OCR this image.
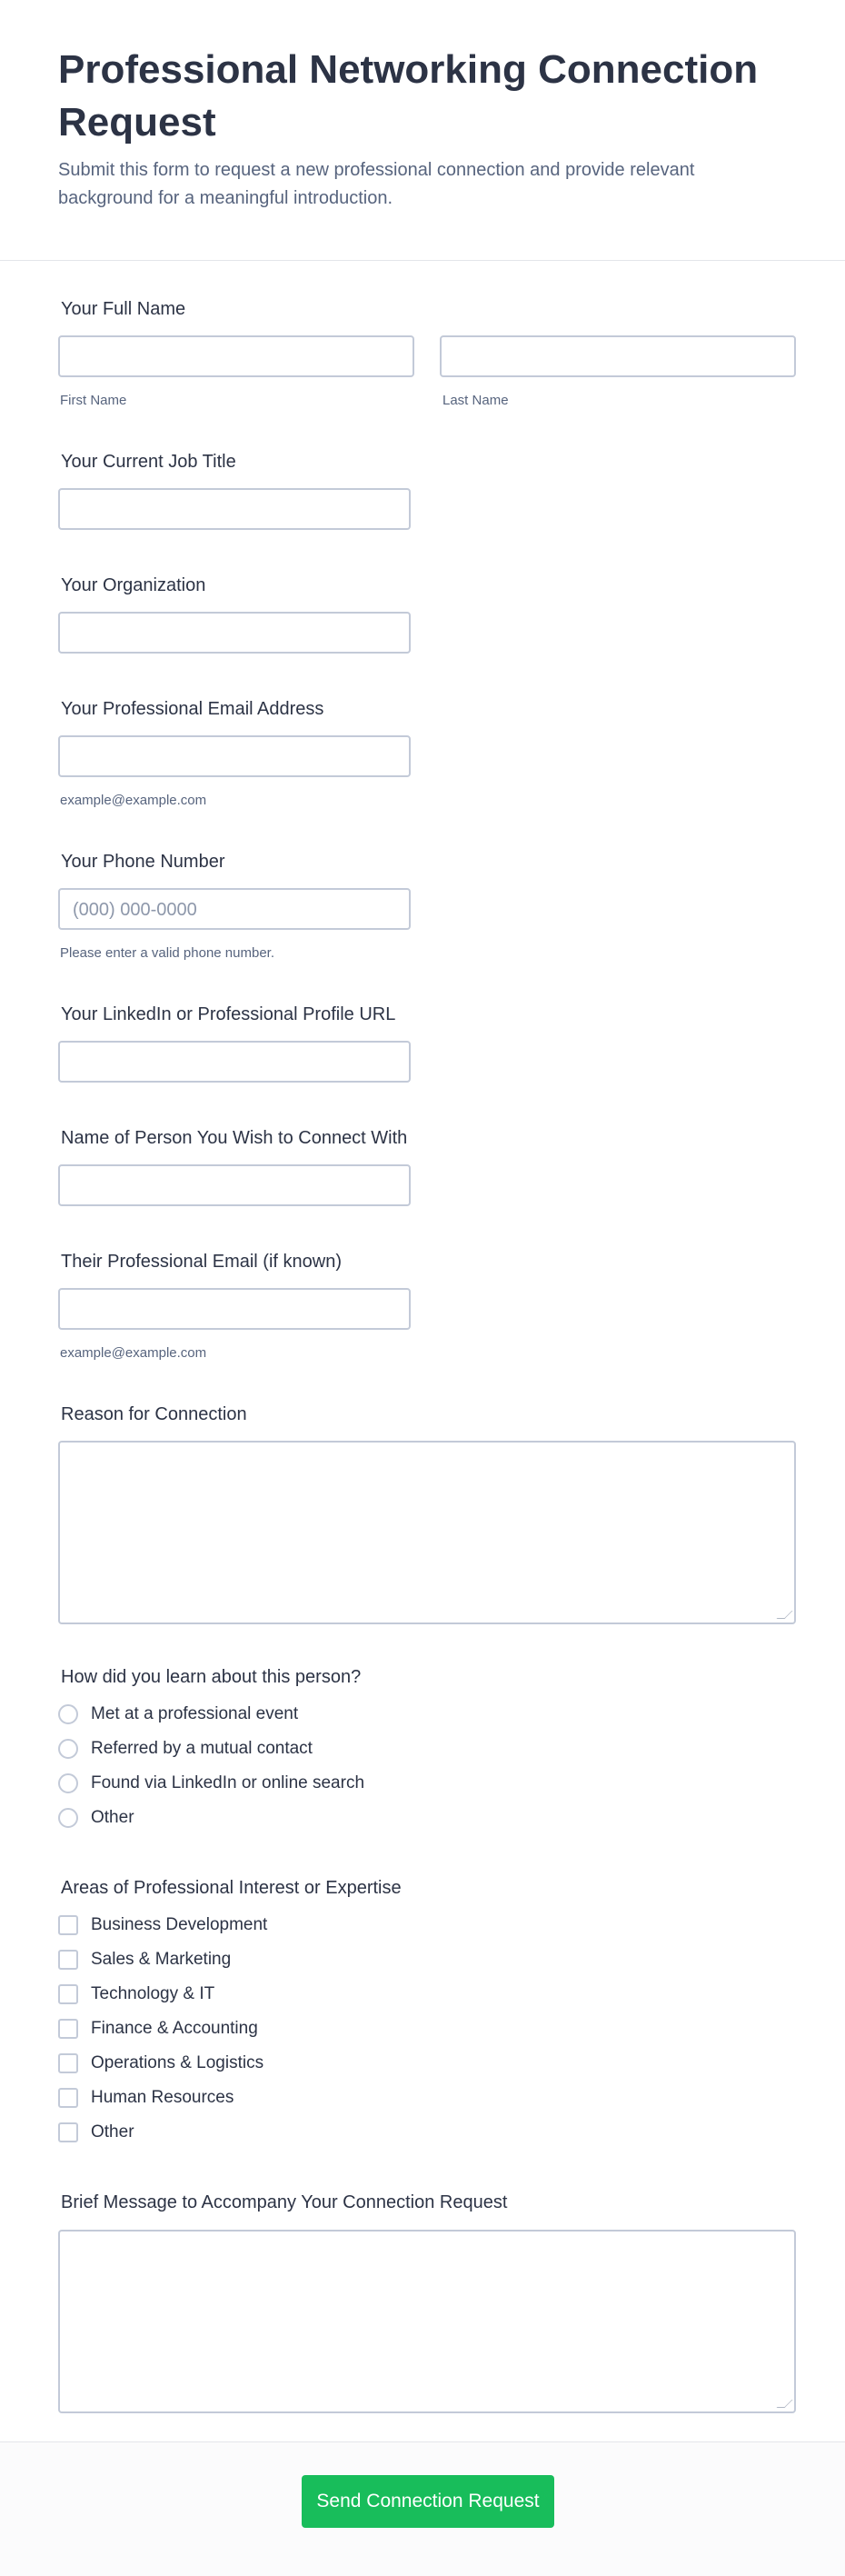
Professional Networking Connection Request
Submit this form to request a new professional connection and provide relevant background for a meaningful introduction.
Your Full Name
First Name	Last Name
Your Current Job Title
Your Organization
Your Professional Email Address
example@example.com
Your Phone Number
(000) 000-0000
Please enter a valid phone number.
Your LinkedIn or Professional Profile URL
Name of Person You Wish to Connect With
Their Professional Email (if known)
example@example.com
Reason for Connection
How did you learn about this person?
Met at a professional event
Referred by a mutual contact
Found via LinkedIn or online search
Other
Areas of Professional Interest or Expertise
Business Development
Sales & Marketing
Technology & IT
Finance & Accounting
Operations & Logistics
Human Resources
Other
Brief Message to Accompany Your Connection Request
Send Connection Request
